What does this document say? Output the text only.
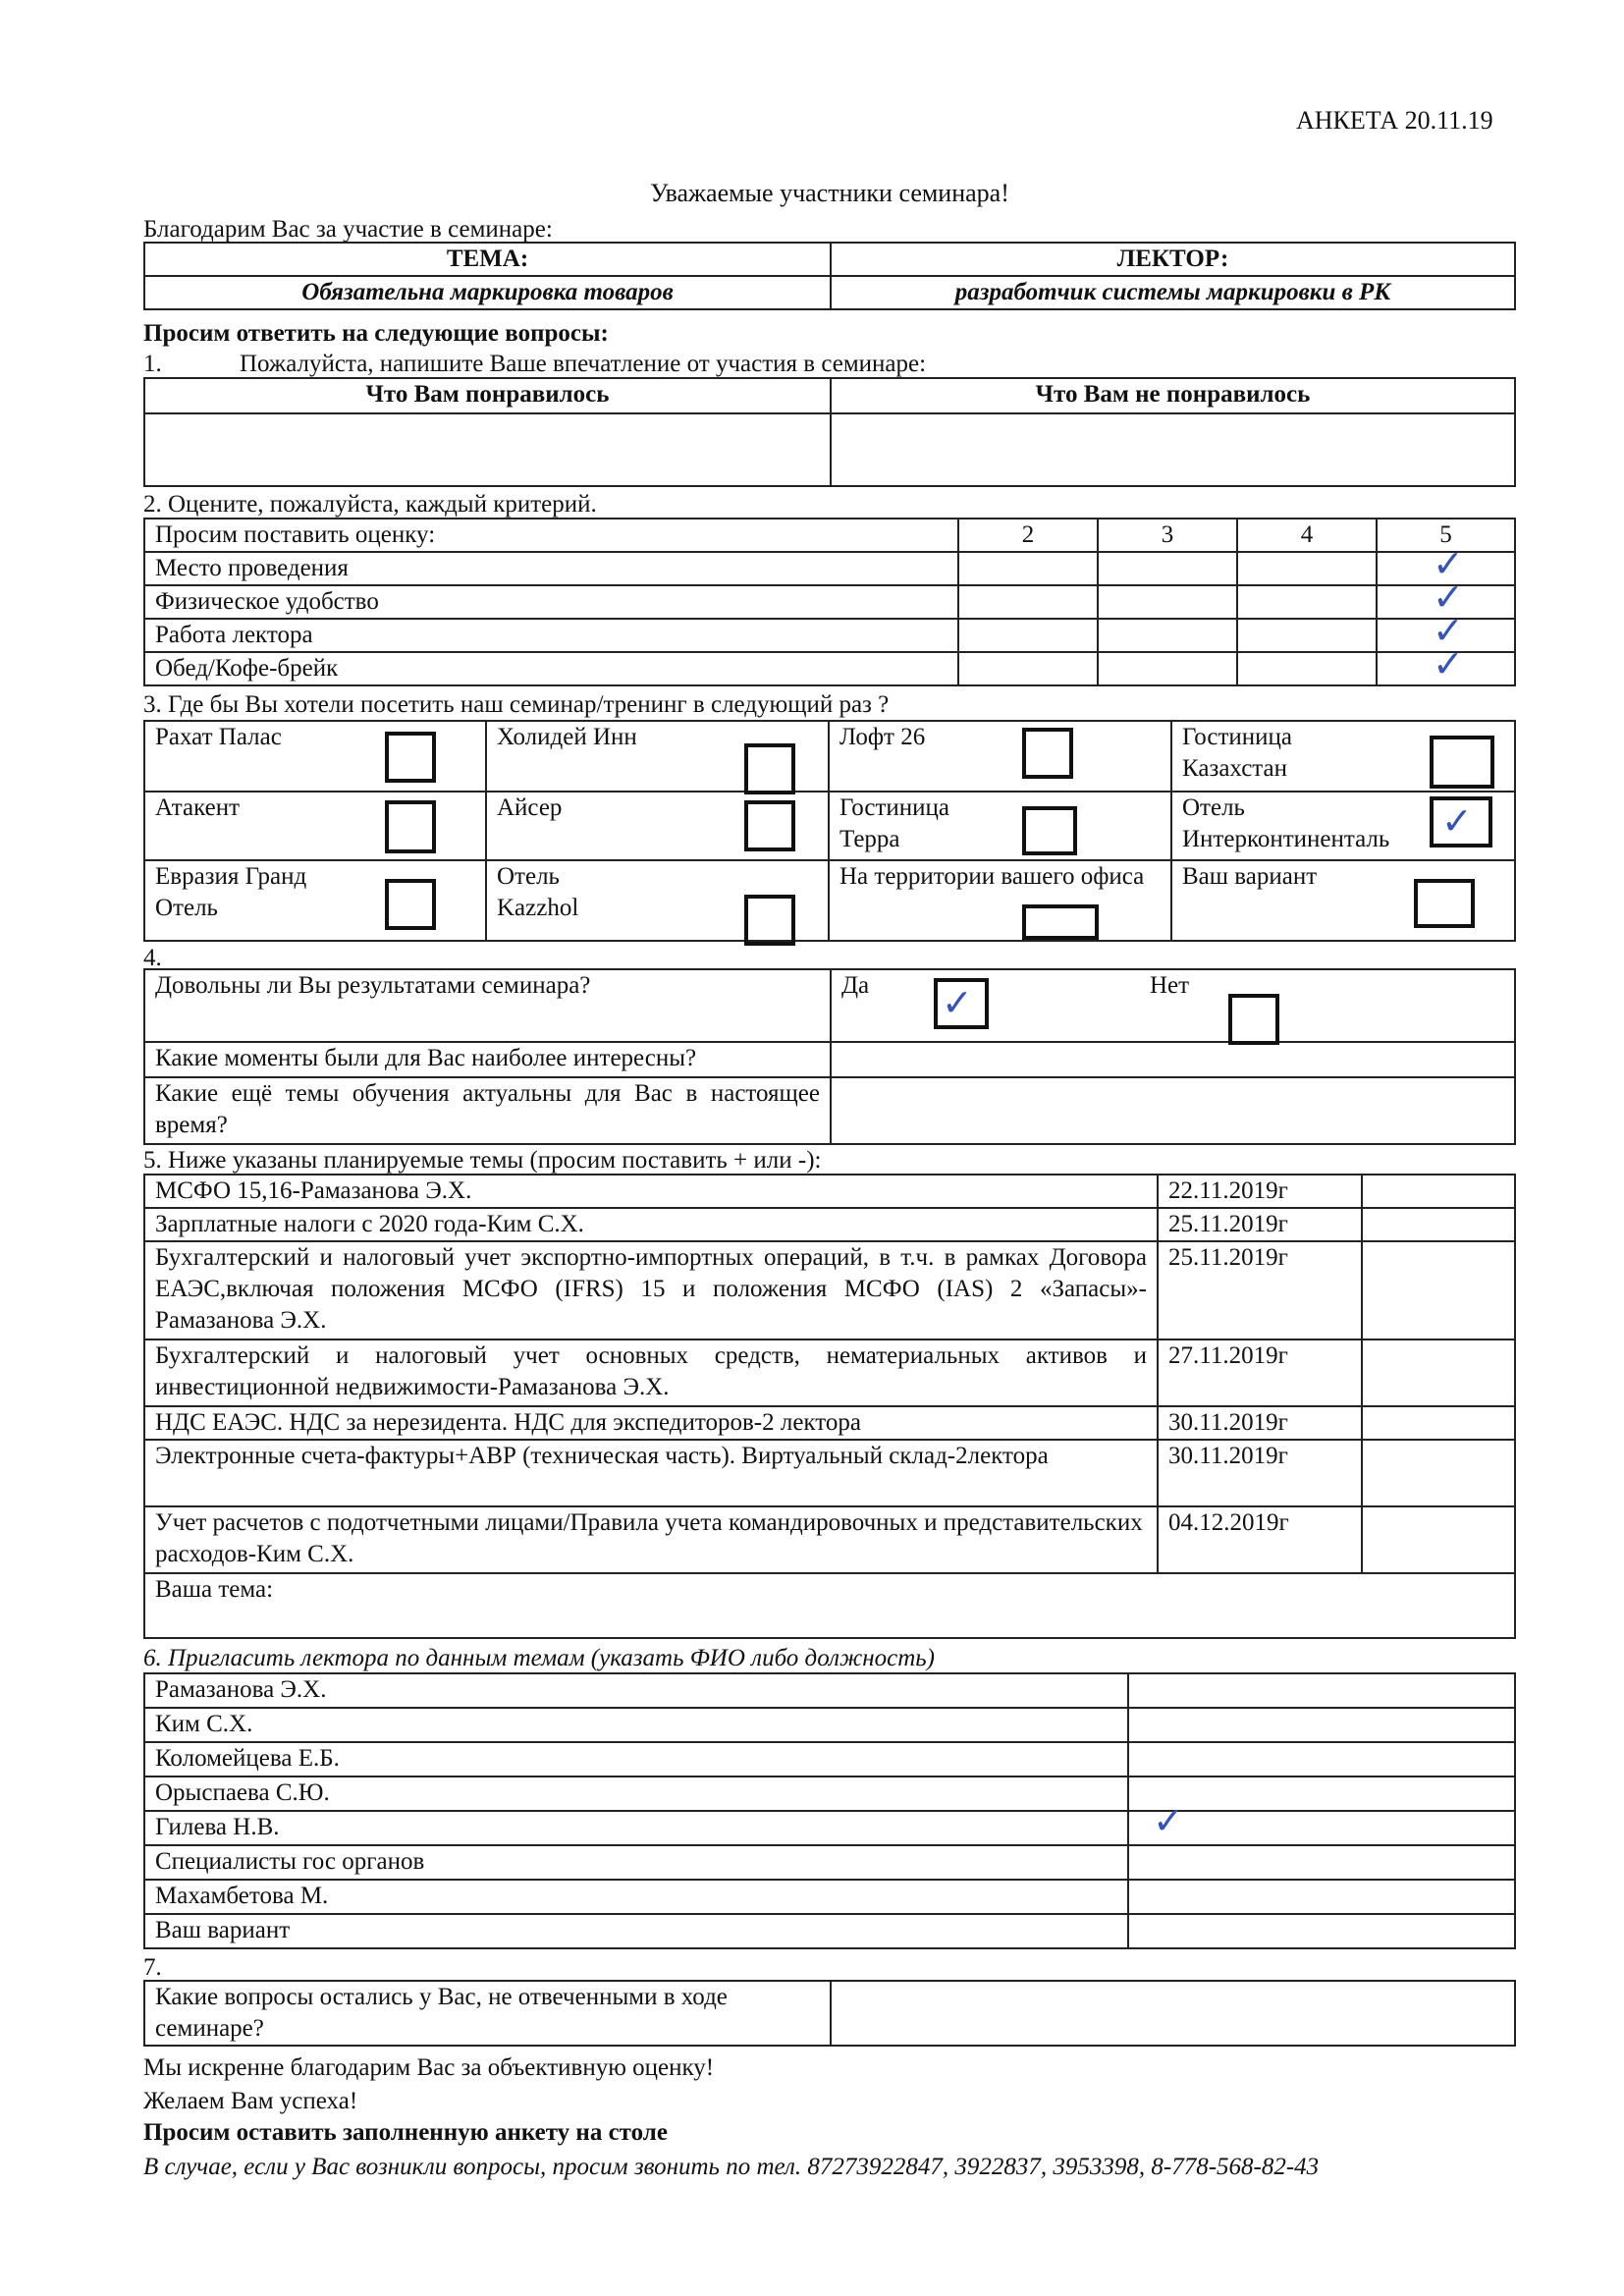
АНКЕТА 20.11.19
Уважаемые участники семинара!
Благодарим Вас за участие в семинаре:
ТЕМА:	ЛЕКТОР:
Обязательна маркировка товаров	разработчик системы маркировки в РК
Просим ответить на следующие вопросы:
1.	Пожалуйста, напишите Ваше впечатление от участия в семинаре:
Что Вам понравилось	Что Вам не понравилось

2. Оцените, пожалуйста, каждый критерий.
Просим поставить оценку:	2	3	4	5
Место проведения				✓

Физическое удобство				✓

Работа лектора				✓

Обед/Кофе-брейк				✓
3. Где бы Вы хотели посетить наш семинар/тренинг в следующий раз ?
Рахат Палас	Холидей Инн	Лофт 26	Гостиница Казахстан

Атакент	Айсер	Гостиница Терра	Отель Интерконтиненталь ✓

Евразия Гранд Отель	Отель Kazzhol	На территории вашего офиса	Ваш вариант
4.
Довольны ли Вы результатами семинара?	Да ✓ Нет

Какие моменты были для Вас наиболее интересны?	
Какие ещё темы обучения актуальны для Вас в настоящее время?	
5. Ниже указаны планируемые темы (просим поставить + или -):
МСФО 15,16-Рамазанова Э.Х.	22.11.2019г	
Зарплатные налоги с 2020 года-Ким С.Х.	25.11.2019г	
Бухгалтерский и налоговый учет экспортно-импортных операций, в т.ч. в рамках Договора ЕАЭС,включая положения МСФО (IFRS) 15 и положения МСФО (IAS) 2 «Запасы»-Рамазанова Э.Х.	25.11.2019г	
Бухгалтерский и налоговый учет основных средств, нематериальных активов и инвестиционной недвижимости-Рамазанова Э.Х.	27.11.2019г	
НДС ЕАЭС. НДС за нерезидента. НДС для экспедиторов-2 лектора	30.11.2019г	
Электронные счета-фактуры+АВР (техническая часть). Виртуальный склад-2лектора	30.11.2019г	
Учет расчетов с подотчетными лицами/Правила учета командировочных и представительских расходов-Ким С.Х.	04.12.2019г	
Ваша тема:		
6. Пригласить лектора по данным темам (указать ФИО либо должность)
Рамазанова Э.Х.	
Ким С.Х.	
Коломейцева Е.Б.	
Орыспаева С.Ю.	
Гилева Н.В.	✓

Специалисты гос органов	
Махамбетова М.	
Ваш вариант	
7.
Какие вопросы остались у Вас, не отвеченными в ходе семинаре?	
Мы искренне благодарим Вас за объективную оценку!
Желаем Вам успеха!
Просим оставить заполненную анкету на столе
В случае, если у Вас возникли вопросы, просим звонить по тел. 87273922847, 3922837, 3953398, 8-778-568-82-43
